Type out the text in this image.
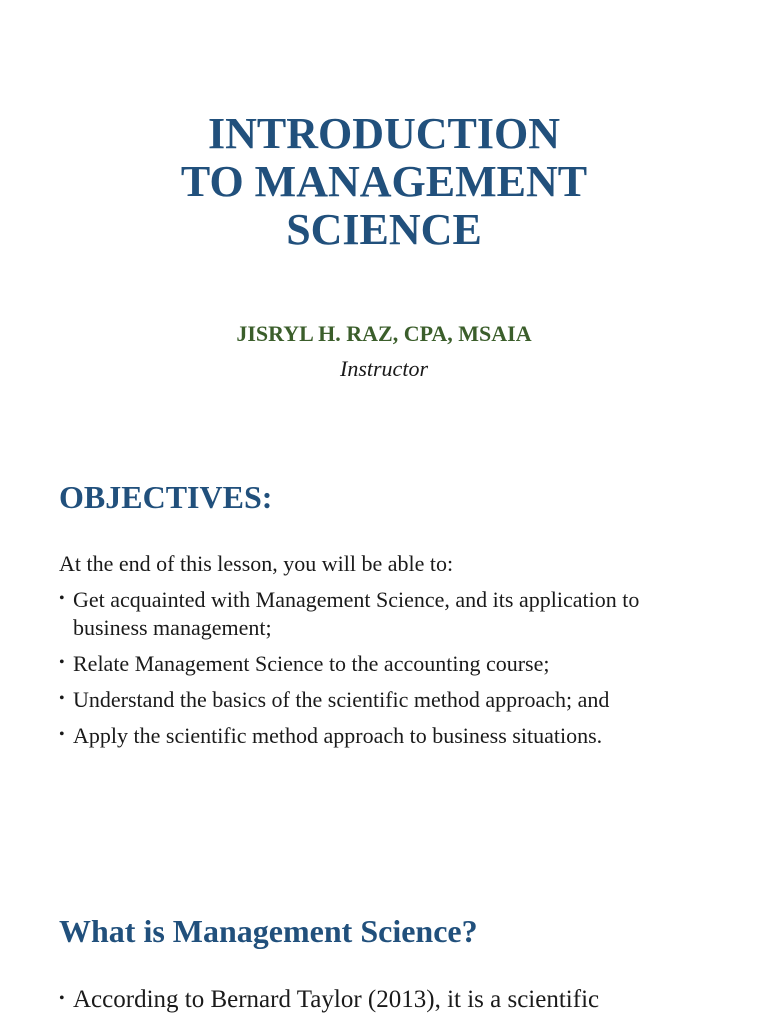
INTRODUCTION
TO MANAGEMENT
SCIENCE

JISRYL H. RAZ, CPA, MSAIA

Instructor

OBJECTIVES:

At the end of this lesson, you will be able to:

• Get acquainted with Management Science, and its application to business management;
• Relate Management Science to the accounting course;
• Understand the basics of the scientific method approach; and
• Apply the scientific method approach to business situations.
What is Management Science?
• According to Bernard Taylor (2013), it is a scientific
